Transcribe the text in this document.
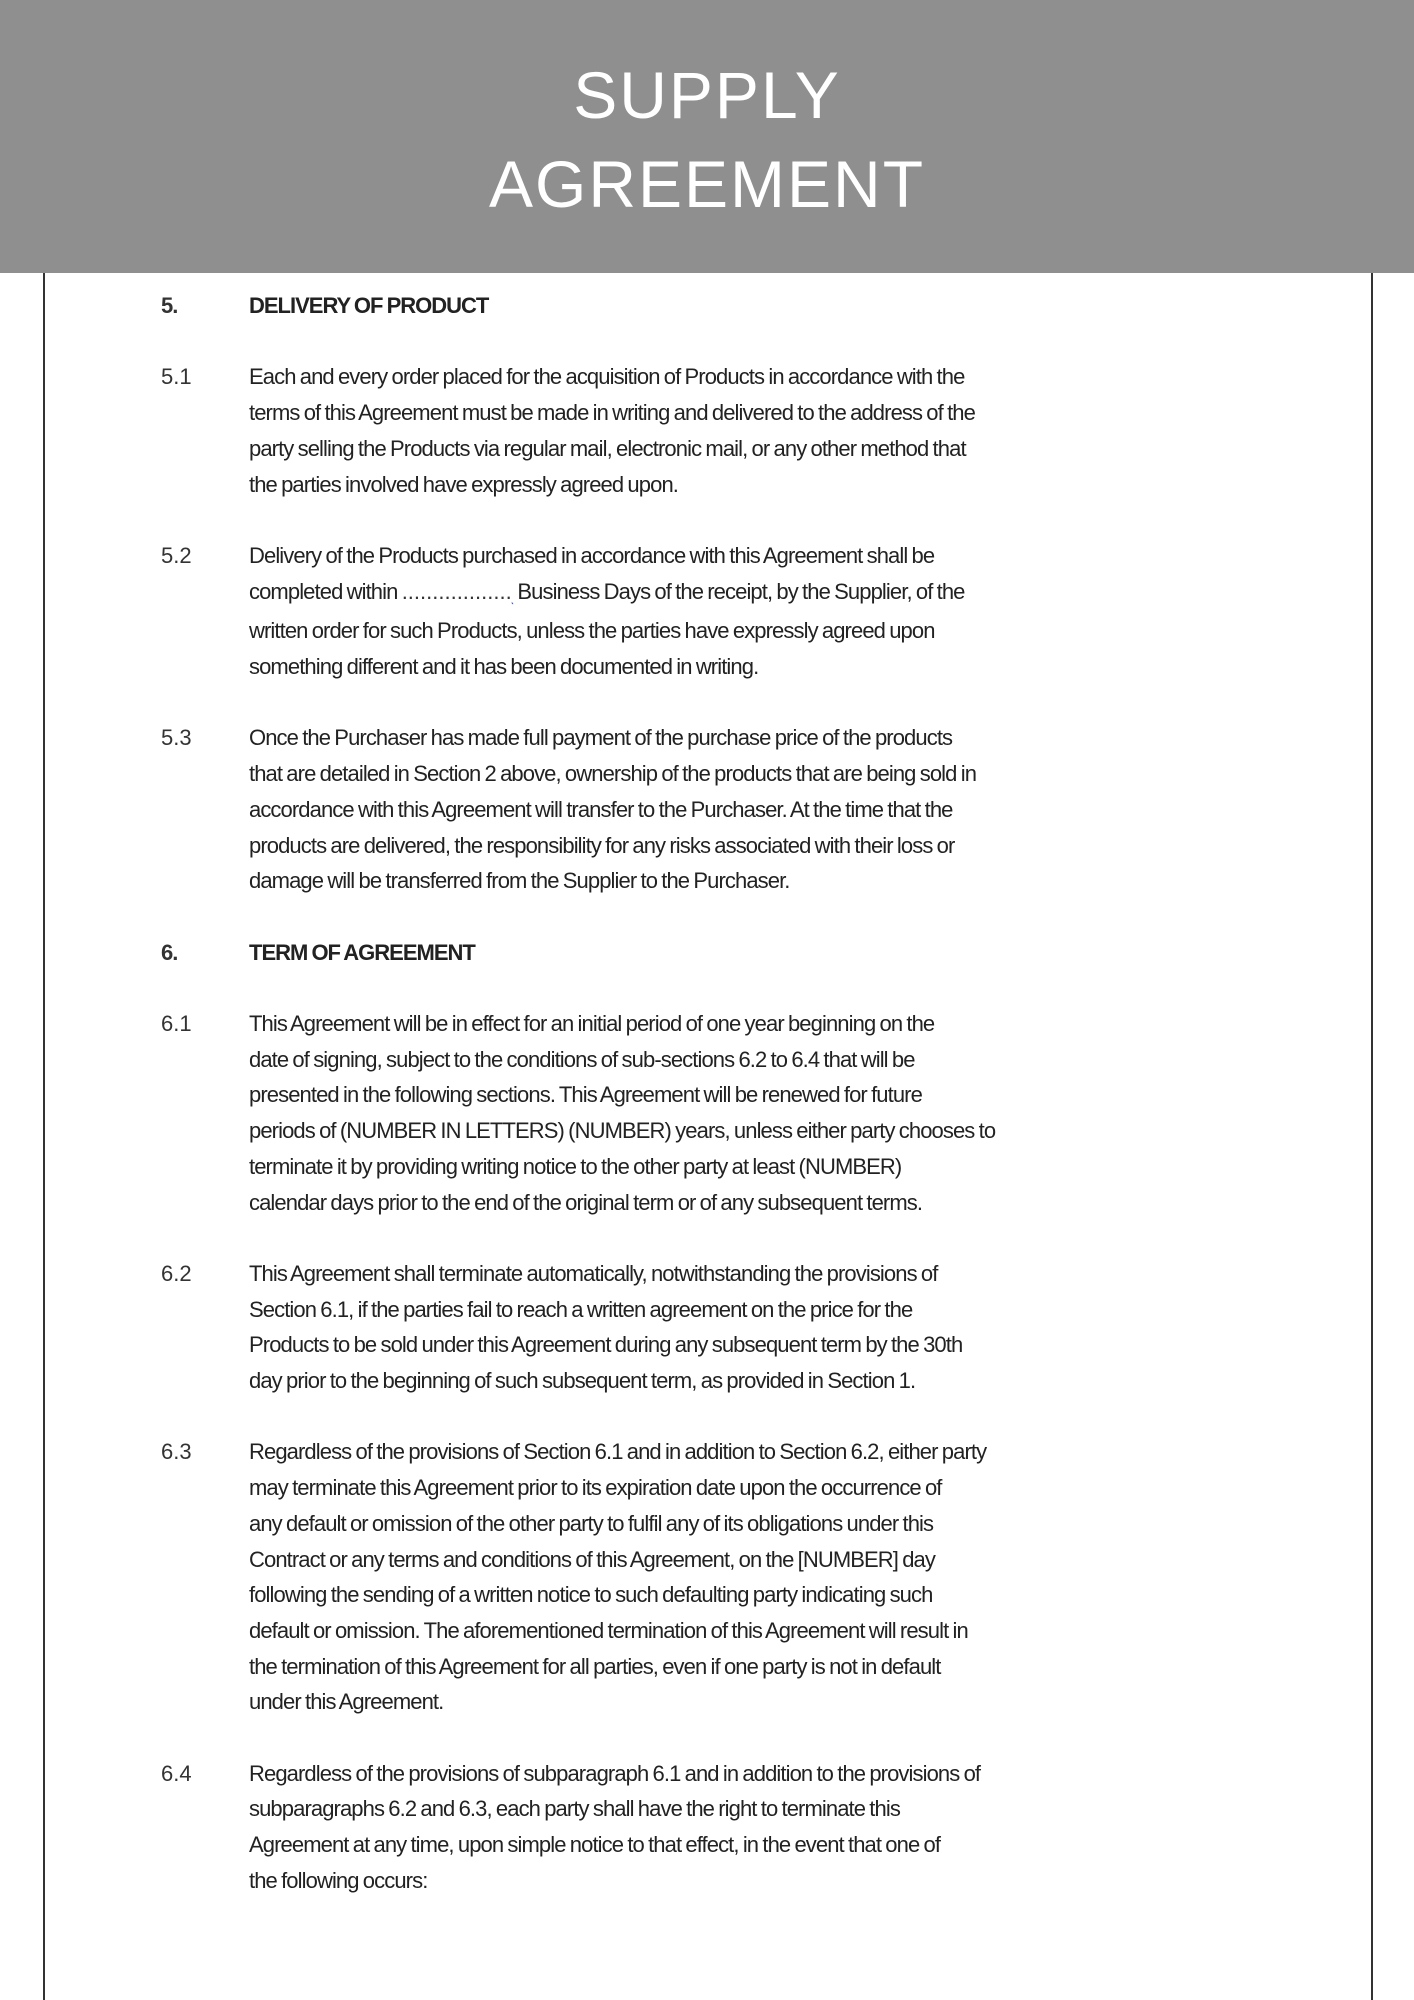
SUPPLY
AGREEMENT
5.	DELIVERY OF PRODUCT
5.1	Each and every order placed for the acquisition of Products in accordance with the
terms of this Agreement must be made in writing and delivered to the address of the
party selling the Products via regular mail, electronic mail, or any other method that
the parties involved have expressly agreed upon.
5.2	Delivery of the Products purchased in accordance with this Agreement shall be
completed within .................. Business Days of the receipt, by the Supplier, of the
written order for such Products, unless the parties have expressly agreed upon
something different and it has been documented in writing.
5.3	Once the Purchaser has made full payment of the purchase price of the products
that are detailed in Section 2 above, ownership of the products that are being sold in
accordance with this Agreement will transfer to the Purchaser. At the time that the
products are delivered, the responsibility for any risks associated with their loss or
damage will be transferred from the Supplier to the Purchaser.
6.	TERM OF AGREEMENT
6.1	This Agreement will be in effect for an initial period of one year beginning on the
date of signing, subject to the conditions of sub-sections 6.2 to 6.4 that will be
presented in the following sections. This Agreement will be renewed for future
periods of (NUMBER IN LETTERS) (NUMBER) years, unless either party chooses to
terminate it by providing writing notice to the other party at least (NUMBER)
calendar days prior to the end of the original term or of any subsequent terms.
6.2	This Agreement shall terminate automatically, notwithstanding the provisions of
Section 6.1, if the parties fail to reach a written agreement on the price for the
Products to be sold under this Agreement during any subsequent term by the 30th
day prior to the beginning of such subsequent term, as provided in Section 1.
6.3	Regardless of the provisions of Section 6.1 and in addition to Section 6.2, either party
may terminate this Agreement prior to its expiration date upon the occurrence of
any default or omission of the other party to fulfil any of its obligations under this
Contract or any terms and conditions of this Agreement, on the [NUMBER] day
following the sending of a written notice to such defaulting party indicating such
default or omission. The aforementioned termination of this Agreement will result in
the termination of this Agreement for all parties, even if one party is not in default
under this Agreement.
6.4	Regardless of the provisions of subparagraph 6.1 and in addition to the provisions of
subparagraphs 6.2 and 6.3, each party shall have the right to terminate this
Agreement at any time, upon simple notice to that effect, in the event that one of
the following occurs:
